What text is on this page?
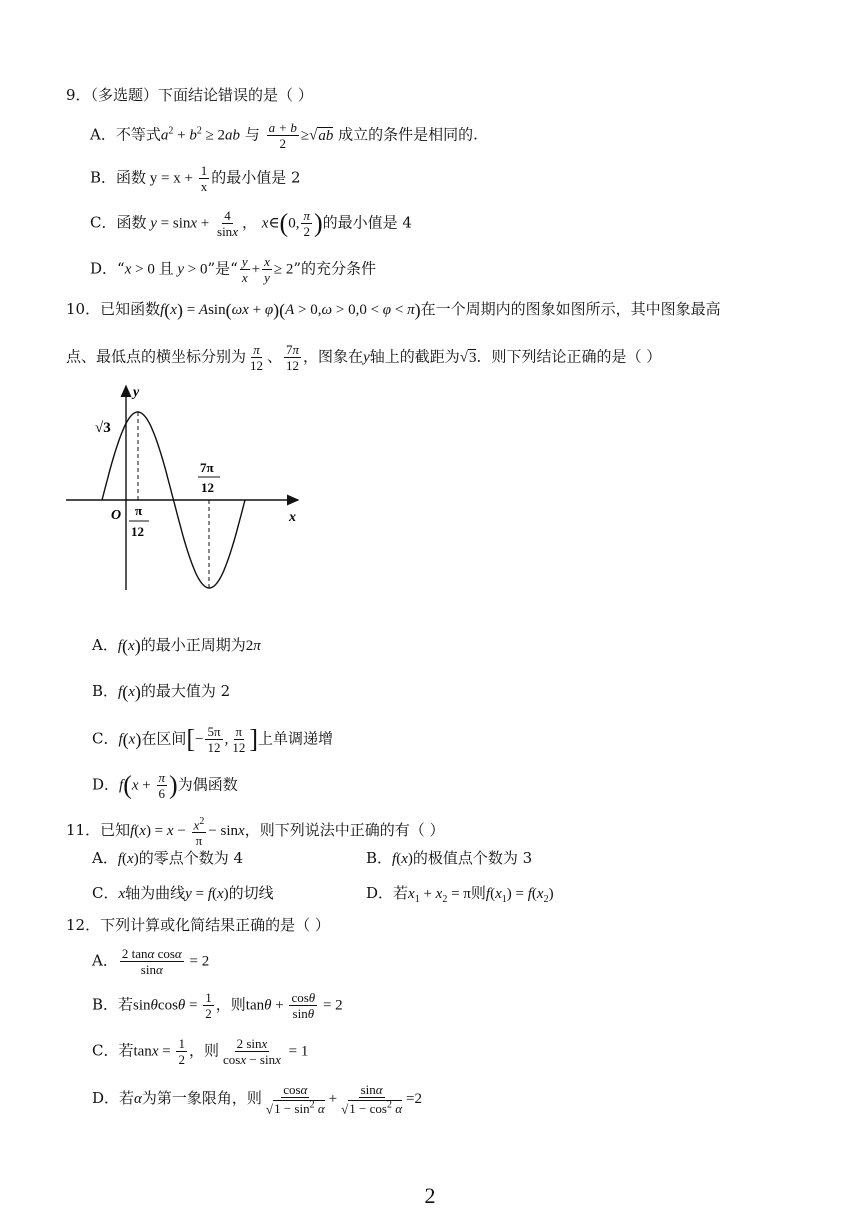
9．（多选题）下面结论错误的是（ ）
A．不等式$a^2 + b^2 \ge 2ab$ 与 $\frac{a + b}{2} \ge√ab$ 成立的条件是相同的.
B．函数 $y = x + \frac{1}{x}$ 的最小值是 2
C．函数 $y = \sin x + \frac{4}{\sin x}$ ， x∈(0, $\frac{\pi}{2}$ )的最小值是 4
D．“x > 0 且 y > 0”是“ $\frac{y}{x} + \frac{x}{y} \ge 2$”的充分条件
10．已知函数f(x) = Asin(ωx + φ)(A > 0,ω > 0,0 < φ < π)在一个周期内的图象如图所示，其中图象最高
点、最低点的横坐标分别为 $\frac{\pi}{12}$ 、 $\frac{7\pi}{12}$ ，图象在y轴上的截距为√3．则下列结论正确的是（ ）
y
x
O
√3
π
12
7π
12
A．f(x)的最小正周期为2π
B．f(x)的最大值为 2
C．f(x)在区间[− $\frac{5\pi}{12}$ , $\frac{\pi}{12}$ ]上单调递增
D．$f(x + \frac{\pi}{6}$ )为偶函数
11．已知$f(x) = x - \frac{x^2}{\pi} - \sin x$，则下列说法中正确的有（ ）
A．f(x)的零点个数为 4	B．f(x)的极值点个数为 3
C．x轴为曲线y = f(x)的切线	D．若$x_1 + x_2 = \pi$则$f(x_1) = f(x_2)$
12．下列计算或化简结果正确的是（ ）
A． $\frac{\text{2 tanα cosα}}{\sin\alpha} = 2$
B．若$\sin\theta\cos\theta = \frac{1}{2}$ ，则$\tan\theta + \frac{\cos\theta}{\sin\theta} = 2$
C．若$\tan x = \frac{1}{2}$ ，则 $\frac{2 \sin x}{\cos x - \sin x} = 1$
D．若α为第一象限角，则 $\frac{\cos\alpha}{√1 - \sin^2 \alpha} + \frac{\sin\alpha}{√1 - \cos^2 \alpha} =2$
2
